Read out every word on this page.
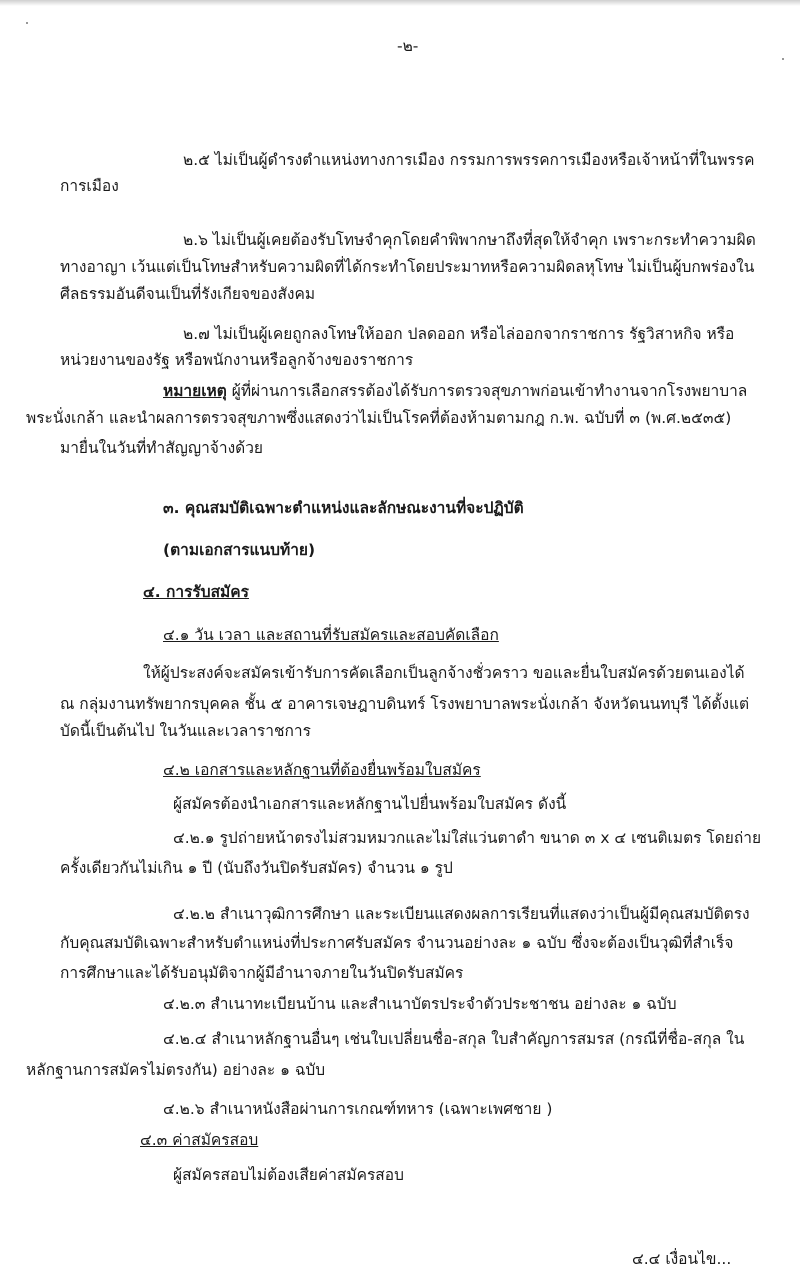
-๒-
๒.๕ ไม่เป็นผู้ดำรงตำแหน่งทางการเมือง กรรมการพรรคการเมืองหรือเจ้าหน้าที่ในพรรค
การเมือง
๒.๖ ไม่เป็นผู้เคยต้องรับโทษจำคุกโดยคำพิพากษาถึงที่สุดให้จำคุก เพราะกระทำความผิด
ทางอาญา เว้นแต่เป็นโทษสำหรับความผิดที่ได้กระทำโดยประมาทหรือความผิดลหุโทษ ไม่เป็นผู้บกพร่องใน
ศีลธรรมอันดีจนเป็นที่รังเกียจของสังคม
๒.๗ ไม่เป็นผู้เคยถูกลงโทษให้ออก ปลดออก หรือไล่ออกจากราชการ รัฐวิสาหกิจ หรือ
หน่วยงานของรัฐ หรือพนักงานหรือลูกจ้างของราชการ
หมายเหตุ ผู้ที่ผ่านการเลือกสรรต้องได้รับการตรวจสุขภาพก่อนเข้าทำงานจากโรงพยาบาล
พระนั่งเกล้า และนำผลการตรวจสุขภาพซึ่งแสดงว่าไม่เป็นโรคที่ต้องห้ามตามกฎ ก.พ. ฉบับที่ ๓ (พ.ศ.๒๕๓๕)
มายื่นในวันที่ทำสัญญาจ้างด้วย
๓. คุณสมบัติเฉพาะตำแหน่งและลักษณะงานที่จะปฏิบัติ
(ตามเอกสารแนบท้าย)
๔. การรับสมัคร
๔.๑ วัน เวลา และสถานที่รับสมัครและสอบคัดเลือก
ให้ผู้ประสงค์จะสมัครเข้ารับการคัดเลือกเป็นลูกจ้างชั่วคราว ขอและยื่นใบสมัครด้วยตนเองได้
ณ กลุ่มงานทรัพยากรบุคคล ชั้น ๕ อาคารเจษฎาบดินทร์ โรงพยาบาลพระนั่งเกล้า จังหวัดนนทบุรี ได้ตั้งแต่
บัดนี้เป็นต้นไป ในวันและเวลาราชการ
๔.๒ เอกสารและหลักฐานที่ต้องยื่นพร้อมใบสมัคร
ผู้สมัครต้องนำเอกสารและหลักฐานไปยื่นพร้อมใบสมัคร ดังนี้
๔.๒.๑ รูปถ่ายหน้าตรงไม่สวมหมวกและไม่ใส่แว่นตาดำ ขนาด ๓ x ๔ เซนติเมตร โดยถ่าย
ครั้งเดียวกันไม่เกิน ๑ ปี (นับถึงวันปิดรับสมัคร) จำนวน ๑ รูป
๔.๒.๒ สำเนาวุฒิการศึกษา และระเบียนแสดงผลการเรียนที่แสดงว่าเป็นผู้มีคุณสมบัติตรง
กับคุณสมบัติเฉพาะสำหรับตำแหน่งที่ประกาศรับสมัคร จำนวนอย่างละ ๑ ฉบับ ซึ่งจะต้องเป็นวุฒิที่สำเร็จ
การศึกษาและได้รับอนุมัติจากผู้มีอำนาจภายในวันปิดรับสมัคร
๔.๒.๓ สำเนาทะเบียนบ้าน และสำเนาบัตรประจำตัวประชาชน อย่างละ ๑ ฉบับ
๔.๒.๔ สำเนาหลักฐานอื่นๆ เช่นใบเปลี่ยนชื่อ-สกุล ใบสำคัญการสมรส (กรณีที่ชื่อ-สกุล ใน
หลักฐานการสมัครไม่ตรงกัน) อย่างละ ๑ ฉบับ
๔.๒.๖ สำเนาหนังสือผ่านการเกณฑ์ทหาร (เฉพาะเพศชาย )
๔.๓ ค่าสมัครสอบ
ผู้สมัครสอบไม่ต้องเสียค่าสมัครสอบ
๔.๔ เงื่อนไข...
